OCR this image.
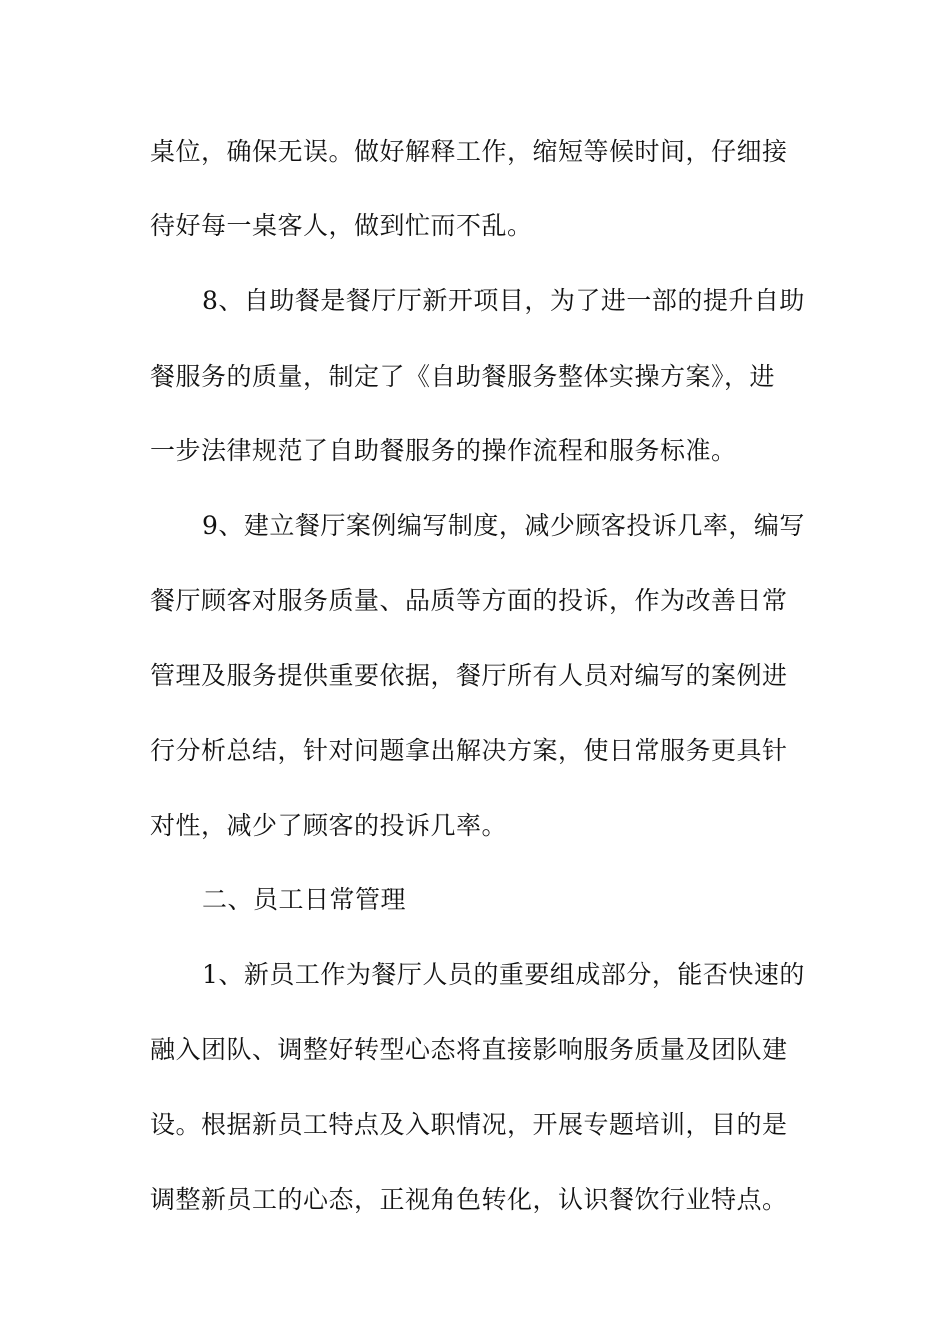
桌位，确保无误。做好解释工作，缩短等候时间，仔细接
待好每一桌客人，做到忙而不乱。
8、自助餐是餐厅厅新开项目，为了进一部的提升自助
餐服务的质量，制定了《自助餐服务整体实操方案》，进
一步法律规范了自助餐服务的操作流程和服务标准。
9、建立餐厅案例编写制度，减少顾客投诉几率，编写
餐厅顾客对服务质量、品质等方面的投诉，作为改善日常
管理及服务提供重要依据，餐厅所有人员对编写的案例进
行分析总结，针对问题拿出解决方案，使日常服务更具针
对性，减少了顾客的投诉几率。
二、员工日常管理
1、新员工作为餐厅人员的重要组成部分，能否快速的
融入团队、调整好转型心态将直接影响服务质量及团队建
设。根据新员工特点及入职情况，开展专题培训，目的是
调整新员工的心态，正视角色转化，认识餐饮行业特点。
